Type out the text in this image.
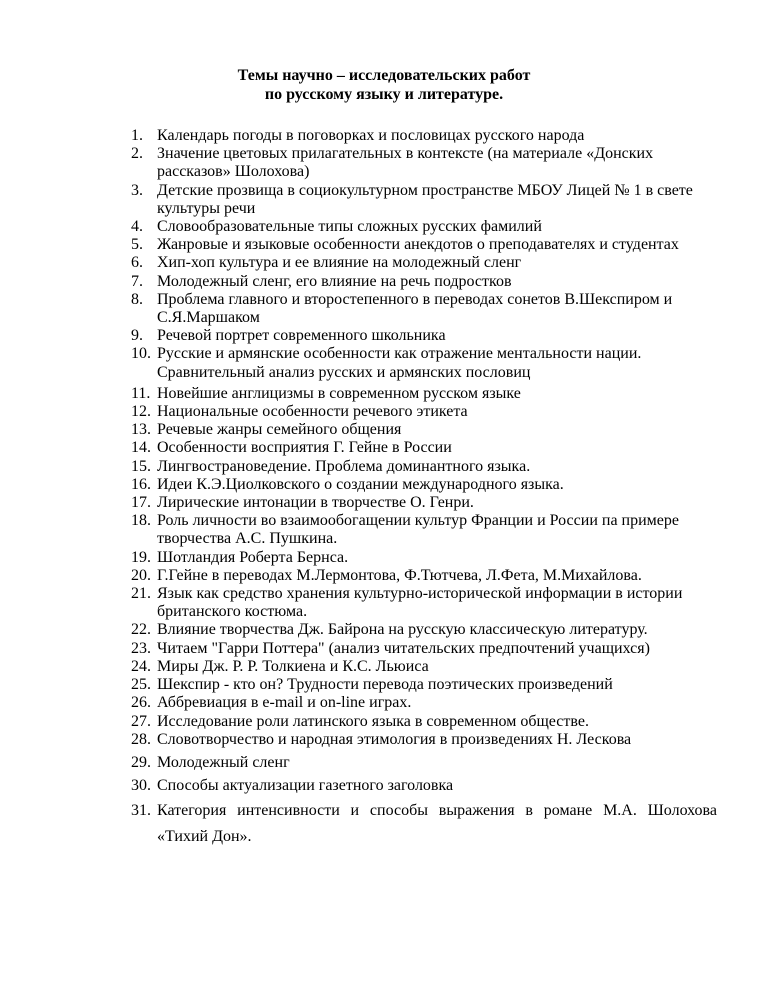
Темы научно – исследовательских работ
по русскому языку и литературе.
1. Календарь погоды в поговорках и пословицах русского народа
2. Значение цветовых прилагательных в контексте (на материале «Донских рассказов» Шолохова)
3. Детские прозвища в социокультурном пространстве МБОУ Лицей № 1 в свете культуры речи
4. Словообразовательные типы сложных русских фамилий
5. Жанровые и языковые особенности анекдотов о преподавателях и студентах
6. Хип-хоп культура и ее влияние на молодежный сленг
7. Молодежный сленг, его влияние на речь подростков
8. Проблема главного и второстепенного в переводах сонетов В.Шекспиром и С.Я.Маршаком
9. Речевой портрет современного школьника
10. Русские и армянские особенности как отражение ментальности нации. Сравнительный анализ русских и армянских пословиц
11. Новейшие англицизмы в современном русском языке
12. Национальные особенности речевого этикета
13. Речевые жанры семейного общения
14. Особенности восприятия Г. Гейне в России
15. Лингвострановедение. Проблема доминантного языка.
16. Идеи К.Э.Циолковского о создании международного языка.
17. Лирические интонации в творчестве О. Генри.
18. Роль личности во взаимообогащении культур Франции и России па примере творчества А.С. Пушкина.
19. Шотландия Роберта Бернса.
20. Г.Гейне в переводах М.Лермонтова, Ф.Тютчева, Л.Фета, М.Михайлова.
21. Язык как средство хранения культурно-исторической информации в истории британского костюма.
22. Влияние творчества Дж. Байрона на русскую классическую литературу.
23. Читаем "Гарри Поттера" (анализ читательских предпочтений учащихся)
24. Миры Дж. Р. Р. Толкиена и К.С. Льюиса
25. Шекспир - кто он? Трудности перевода поэтических произведений
26. Аббревиация в e-mail и on-line играх.
27. Исследование роли латинского языка в современном обществе.
28. Словотворчество и народная этимология в произведениях Н. Лескова
29. Молодежный сленг
30. Способы актуализации газетного заголовка
31. Категория интенсивности и способы выражения в романе М.А. Шолохова «Тихий Дон».
